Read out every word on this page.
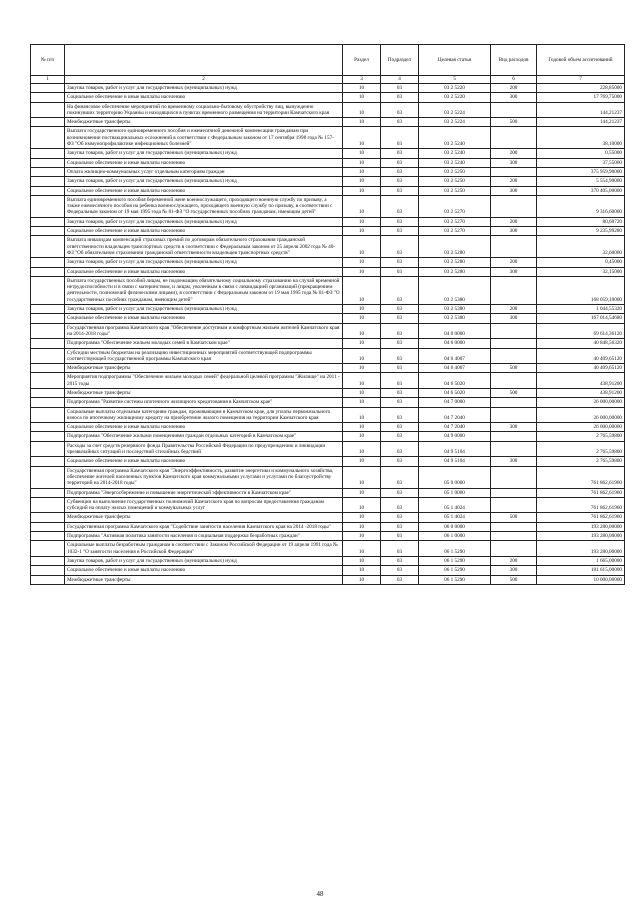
№ п/п		Раздел	Подраздел	Целевая статья	Вид расходов	Годовой объем ассигнований
1	2	3	4	5	6	7
	Закупка товаров, работ и услуг для государственных (муниципальных) нужд	10	03	03 2 5220	200	228,85000
	Социальное обеспечение и иные выплаты населению	10	03	03 2 5220	300	17 769,75000
	На финансовое обеспечение мероприятий по временному социально-бытовому обустройству лиц, вынужденно покинувших территорию Украины и находящихся в пунктах временного размещения на территории Камчатского края	10	03	03 2 5224		144,21237
	Межбюджетные трансферты	10	03	03 2 5224	500	144,21237
	Выплата государственного единовременного пособия и ежемесячной денежной компенсации гражданам при возникновении поствакцинальных осложнений в соответствии с Федеральным законом от 17 сентября 1998 года № 157-ФЗ "Об иммунопрофилактике инфекционных болезней"	10	03	03 2 5240		38,10000
	Закупка товаров, работ и услуг для государственных (муниципальных) нужд	10	03	03 2 5240	200	0,55000
	Социальное обеспечение и иные выплаты населению	10	03	03 2 5240	300	37,55000
	Оплата жилищно-коммунальных услуг отдельным категориям граждан	10	03	03 2 5250		375 959,90000
	Закупка товаров, работ и услуг для государственных (муниципальных) нужд	10	03	03 2 5250	200	5 554,90000
	Социальное обеспечение и иные выплаты населению	10	03	03 2 5250	300	370 405,00000
	Выплата единовременного пособия беременной жене военнослужащего, проходящего военную службу по призыву, а также ежемесячного пособия на ребенка военнослужащего, проходящего военную службу по призыву, в соответствии с Федеральным законом от 19 мая 1995 года № 81-ФЗ "О государственных пособиях гражданам, имеющим детей"	10	03	03 2 5270		9 316,60000
	Закупка товаров, работ и услуг для государственных (муниципальных) нужд	10	03	03 2 5270	200	80,60720
	Социальное обеспечение и иные выплаты населению	10	03	03 2 5270	300	9 235,99280
	Выплата инвалидам компенсаций страховых премий по договорам обязательного страхования гражданской ответственности владельцев транспортных средств в соответствии с Федеральным законом от 25 апреля 2002 года № 40-ФЗ "Об обязательном страховании гражданской ответственности владельцев транспортных средств"	10	03	03 2 5280		32,60000
	Закупка товаров, работ и услуг для государственных (муниципальных) нужд	10	03	03 2 5280	200	0,45000
	Социальное обеспечение и иные выплаты населению	10	03	03 2 5280	300	32,15000
	Выплата государственных пособий лицам, не подлежащим обязательному социальному страхованию на случай временной нетрудоспособности и в связи с материнством, и лицам, уволенным в связи с ликвидацией организаций (прекращением деятельности, полномочий физическими лицами), в соответствии с Федеральным законом от 19 мая 1995 года № 81-ФЗ "О государственных пособиях гражданам, имеющим детей"	10	03	03 2 5380		168 059,10000
	Закупка товаров, работ и услуг для государственных (муниципальных) нужд	10	03	03 2 5380	200	1 044,55320
	Социальное обеспечение и иные выплаты населению	10	03	03 2 5380	300	167 014,54680
	Государственная программа Камчатского края "Обеспечение доступным и комфортным жильем жителей Камчатского края на 2014-2018 годы"	10	03	04 0 0000		69 614,36120
	Подпрограмма "Обеспечение жильем молодых семей в Камчатском крае"	10	03	04 6 0000		40 848,56320
	Субсидии местным бюджетам на реализацию инвестиционных мероприятий соответствующей подпрограммы соответствующей государственной программы Камчатского края	10	03	04 6 4007		40 409,65120
	Межбюджетные трансферты	10	03	04 6 4007	500	40 409,65120
	Мероприятия подпрограммы "Обеспечение жильем молодых семей" федеральной целевой программы "Жилище" на 2011 - 2015 годы	10	03	04 6 5020		438,91200
	Межбюджетные трансферты	10	03	04 6 5020	500	438,91200
	Подпрограмма "Развитие системы ипотечного жилищного кредитования в Камчатском крае"	10	03	04 7 0000		26 000,00000
	Социальные выплаты отдельным категориям граждан, проживающим в Камчатском крае, для уплаты первоначального взноса по ипотечному жилищному кредиту на приобретение жилого помещения на территории Камчатского края	10	03	04 7 2040		26 000,00000
	Социальное обеспечение и иные выплаты населению	10	03	04 7 2040	300	26 000,00000
	Подпрограмма "Обеспечение жилыми помещениями граждан отдельных категорий в Камчатском крае"	10	03	04 9 0000		2 765,59800
	Расходы за счет средств резервного фонда Правительства Российской Федерации по предупреждению и ликвидации чрезвычайных ситуаций и последствий стихийных бедствий	10	03	04 9 5104		2 765,59800
	Социальное обеспечение и иные выплаты населению	10	03	04 9 5104	300	2 765,59800
	Государственная программа Камчатского края "Энергоэффективность, развитие энергетики и коммунального хозяйства, обеспечение жителей населенных пунктов Камчатского края коммунальными услугами и услугами по благоустройству территорий на 2014-2018 годы"	10	03	05 0 0000		761 862,61960
	Подпрограмма "Энергосбережение и повышение энергетической эффективности в Камчатском крае"	10	03	05 1 0000		761 862,61960
	Субвенции на выполнение государственных полномочий Камчатского края по вопросам предоставления гражданам субсидий на оплату жилых помещений и коммунальных услуг	10	03	05 1 4024		761 862,61960
	Межбюджетные трансферты	10	03	05 1 4024	500	761 862,61960
	Государственная программа Камчатского края "Содействие занятости населения Камчатского края на 2014 -2018 годы"	10	03	06 0 0000		193 280,00000
	Подпрограмма "Активная политика занятости населения и социальная поддержка безработных граждан"	10	03	06 1 0000		193 280,00000
	Социальные выплаты безработным гражданам в соответствии с Законом Российской Федерации от 19 апреля 1991 года № 1032-1 "О занятости населения в Российской Федерации"	10	03	06 1 5290		193 280,00000
	Закупка товаров, работ и услуг для государственных (муниципальных) нужд	10	03	06 1 5290	200	1 665,00000
	Социальное обеспечение и иные выплаты населению	10	03	06 1 5290	300	181 615,00000
	Межбюджетные трансферты	10	03	06 1 5290	500	10 000,00000
48
